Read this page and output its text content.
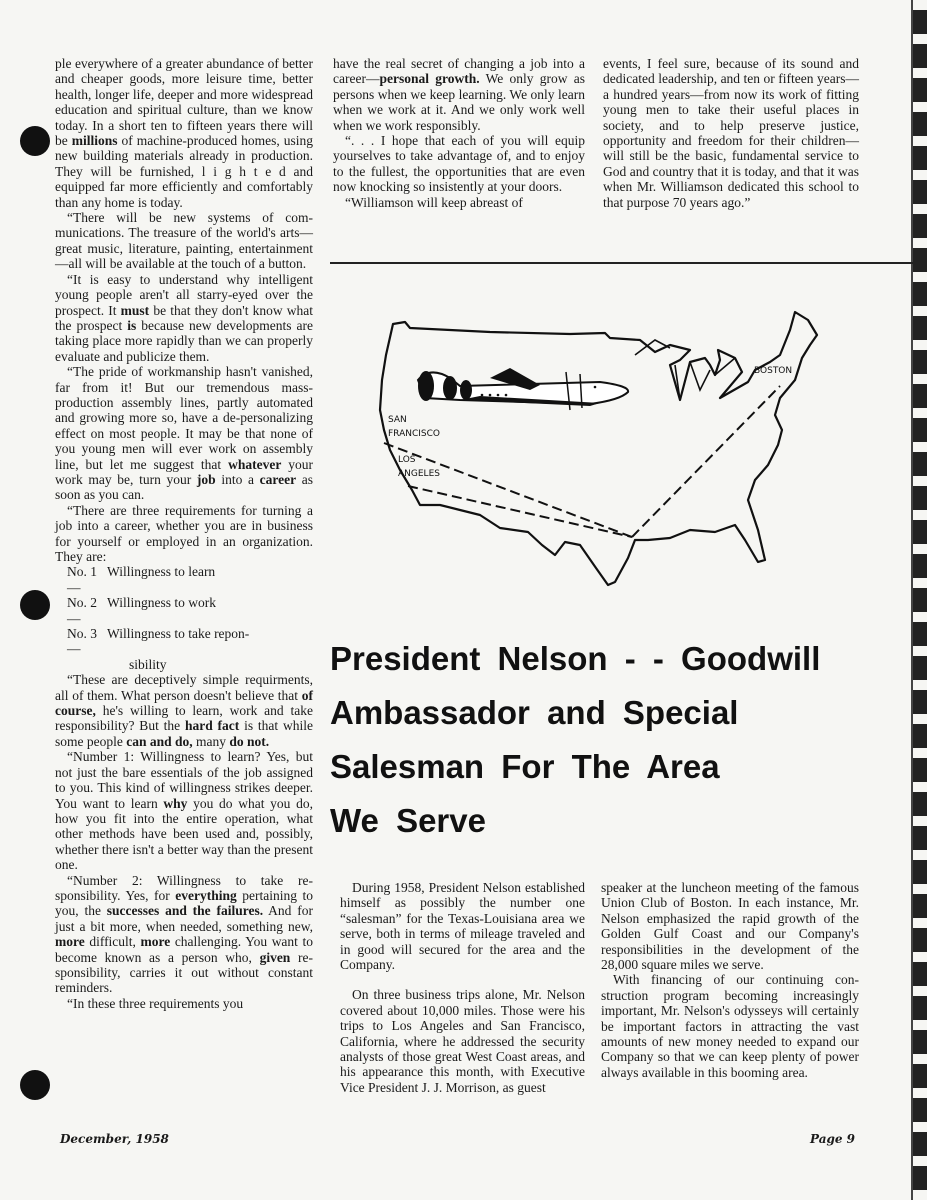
ple everywhere of a greater abundance of better and cheaper goods, more leisure time, better health, longer life, deeper and more widespread education and spiritual culture, than we know today. In a short ten to fifteen years there will be millions of machine-produced homes, using new building materials already in production. They will be furnished, l i g h t e d and equipped far more efficiently and comfortably than any home is today.

“There will be new systems of communications. The treasure of the world's arts—great music, literature, painting, entertainment—all will be available at the touch of a button.

“It is easy to understand why intelligent young people aren't all starry-eyed over the prospect. It must be that they don't know what the prospect is because new developments are taking place more rapidly than we can properly evaluate and publicize them.

“The pride of workmanship hasn't vanished, far from it! But our tremendous mass-production assembly lines, partly automated and growing more so, have a de-personalizing effect on most people. It may be that none of you young men will ever work on assembly line, but let me suggest that whatever your work may be, turn your job into a career as soon as you can.

“There are three requirements for turning a job into a career, whether you are in business for yourself or employed in an organization. They are:

No. 1—
Willingness to learn
No. 2—
Willingness to work
No. 3—
Willingness to take repon-
sibility

“These are deceptively simple requirments, all of them. What person doesn't believe that of course, he's willing to learn, work and take responsibility? But the hard fact is that while some people can and do, many do not.

“Number 1: Willingness to learn? Yes, but not just the bare essentials of the job assigned to you. This kind of willingness strikes deeper. You want to learn why you do what you do, how you fit into the entire operation, what other methods have been used and, possibly, whether there isn't a better way than the present one.

“Number 2: Willingness to take responsibility. Yes, for everything pertaining to you, the successes and the failures. And for just a bit more, when needed, something new, more difficult, more challenging. You want to become known as a person who, given responsibility, carries it out without constant reminders.

“In these three requirements you

have the real secret of changing a job into a career—personal growth. We only grow as persons when we keep learning. We only learn when we work at it. And we only work well when we work responsibly.

“. . . I hope that each of you will equip yourselves to take advantage of, and to enjoy to the fullest, the opportunities that are even now knocking so insistently at your doors.

“Williamson will keep abreast of

events, I feel sure, because of its sound and dedicated leadership, and ten or fifteen years—a hundred years—from now its work of fitting young men to take their useful places in society, and to help preserve justice, opportunity and freedom for their children—will still be the basic, fundamental service to God and country that it is today, and that it was when Mr. Williamson dedicated this school to that purpose 70 years ago.”

BOSTON
SAN
FRANCISCO
LOS
ANGELES
President Nelson - - Goodwill
Ambassador and Special
Salesman For The Area
We Serve

During 1958, President Nelson established himself as possibly the number one “salesman” for the Texas-Louisiana area we serve, both in terms of mileage traveled and in good will secured for the area and the Company.

On three business trips alone, Mr. Nelson covered about 10,000 miles. Those were his trips to Los Angeles and San Francisco, California, where he addressed the security analysts of those great West Coast areas, and his appearance this month, with Executive Vice President J. J. Morrison, as guest

speaker at the luncheon meeting of the famous Union Club of Boston. In each instance, Mr. Nelson emphasized the rapid growth of the Golden Gulf Coast and our Company's responsibilities in the development of the 28,000 square miles we serve.

With financing of our continuing construction program becoming increasingly important, Mr. Nelson's odysseys will certainly be important factors in attracting the vast amounts of new money needed to expand our Company so that we can keep plenty of power always available in this booming area.

December, 1958	Page 9
